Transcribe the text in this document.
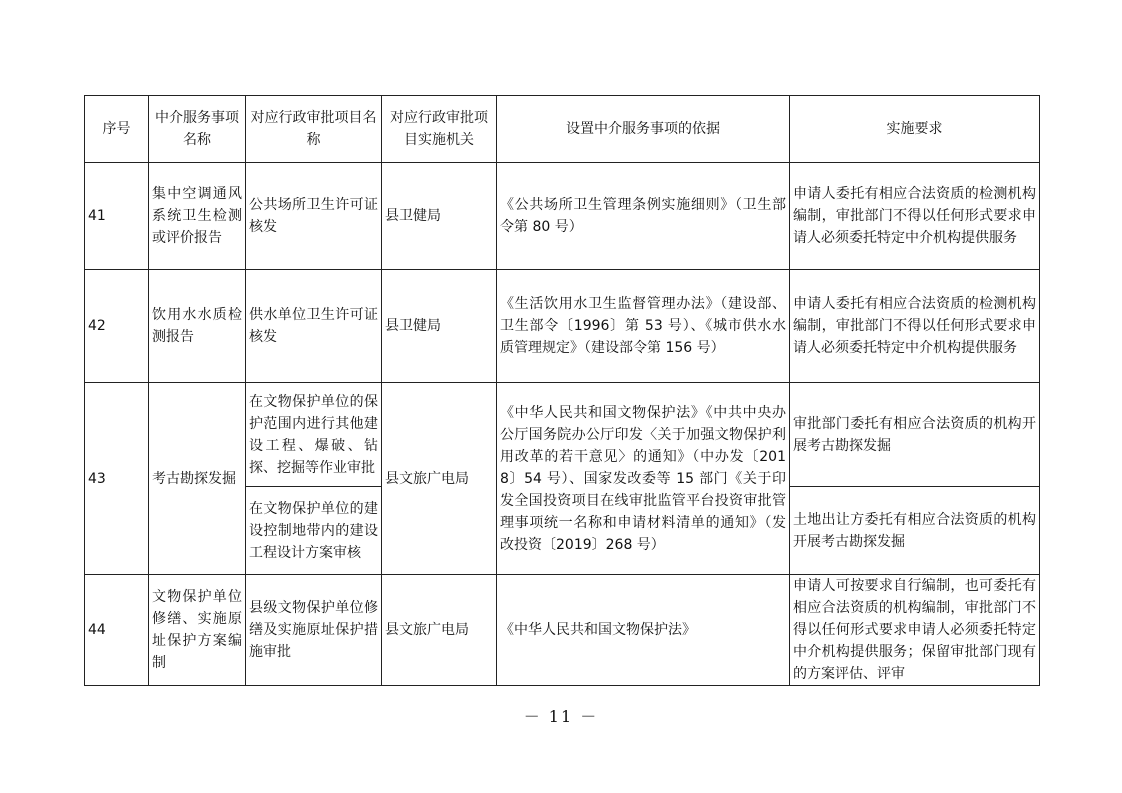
序号	中介服务事项名称	对应行政审批项目名称	对应行政审批项目实施机关	设置中介服务事项的依据	实施要求
41	集中空调通风系统卫生检测或评价报告	公共场所卫生许可证核发	县卫健局	《公共场所卫生管理条例实施细则》（卫生部令第 80 号）	申请人委托有相应合法资质的检测机构编制，审批部门不得以任何形式要求申请人必须委托特定中介机构提供服务
42	饮用水水质检测报告	供水单位卫生许可证核发	县卫健局	《生活饮用水卫生监督管理办法》（建设部、卫生部令〔1996〕第 53 号）、《城市供水水质管理规定》（建设部令第 156 号）	申请人委托有相应合法资质的检测机构编制，审批部门不得以任何形式要求申请人必须委托特定中介机构提供服务
43	考古勘探发掘	在文物保护单位的保护范围内进行其他建设工程、爆破、钻探、挖掘等作业审批	县文旅广电局	《中华人民共和国文物保护法》《中共中央办公厅国务院办公厅印发〈关于加强文物保护利用改革的若干意见〉的通知》（中办发〔2018〕54 号）、国家发改委等 15 部门《关于印发全国投资项目在线审批监管平台投资审批管理事项统一名称和申请材料清单的通知》（发改投资〔2019〕268 号）	审批部门委托有相应合法资质的机构开展考古勘探发掘
		在文物保护单位的建设控制地带内的建设工程设计方案审核			土地出让方委托有相应合法资质的机构开展考古勘探发掘
44	文物保护单位修缮、实施原址保护方案编制	县级文物保护单位修缮及实施原址保护措施审批	县文旅广电局	《中华人民共和国文物保护法》	申请人可按要求自行编制，也可委托有相应合法资质的机构编制，审批部门不得以任何形式要求申请人必须委托特定中介机构提供服务；保留审批部门现有的方案评估、评审
－ 11 －
